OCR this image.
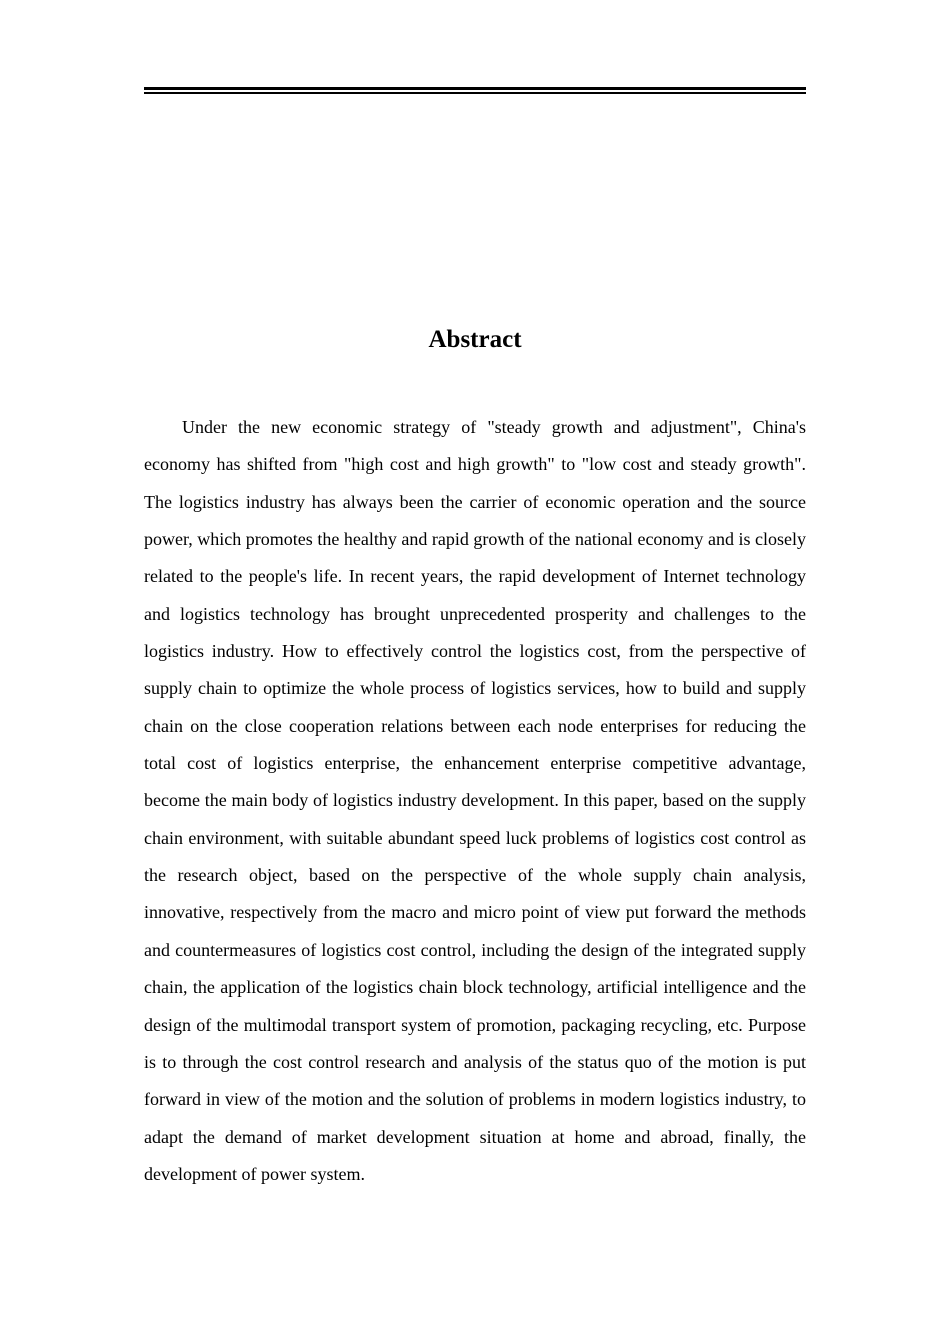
Abstract

Under the new economic strategy of "steady growth and adjustment", China's economy has shifted from "high cost and high growth" to "low cost and steady growth". The logistics industry has always been the carrier of economic operation and the source power, which promotes the healthy and rapid growth of the national economy and is closely related to the people's life. In recent years, the rapid development of Internet technology and logistics technology has brought unprecedented prosperity and challenges to the logistics industry. How to effectively control the logistics cost, from the perspective of supply chain to optimize the whole process of logistics services, how to build and supply chain on the close cooperation relations between each node enterprises for reducing the total cost of logistics enterprise, the enhancement enterprise competitive advantage, become the main body of logistics industry development. In this paper, based on the supply chain environment, with suitable abundant speed luck problems of logistics cost control as the research object, based on the perspective of the whole supply chain analysis, innovative, respectively from the macro and micro point of view put forward the methods and countermeasures of logistics cost control, including the design of the integrated supply chain, the application of the logistics chain block technology, artificial intelligence and the design of the multimodal transport system of promotion, packaging recycling, etc. Purpose is to through the cost control research and analysis of the status quo of the motion is put forward in view of the motion and the solution of problems in modern logistics industry, to adapt the demand of market development situation at home and abroad, finally, the development of power system.
